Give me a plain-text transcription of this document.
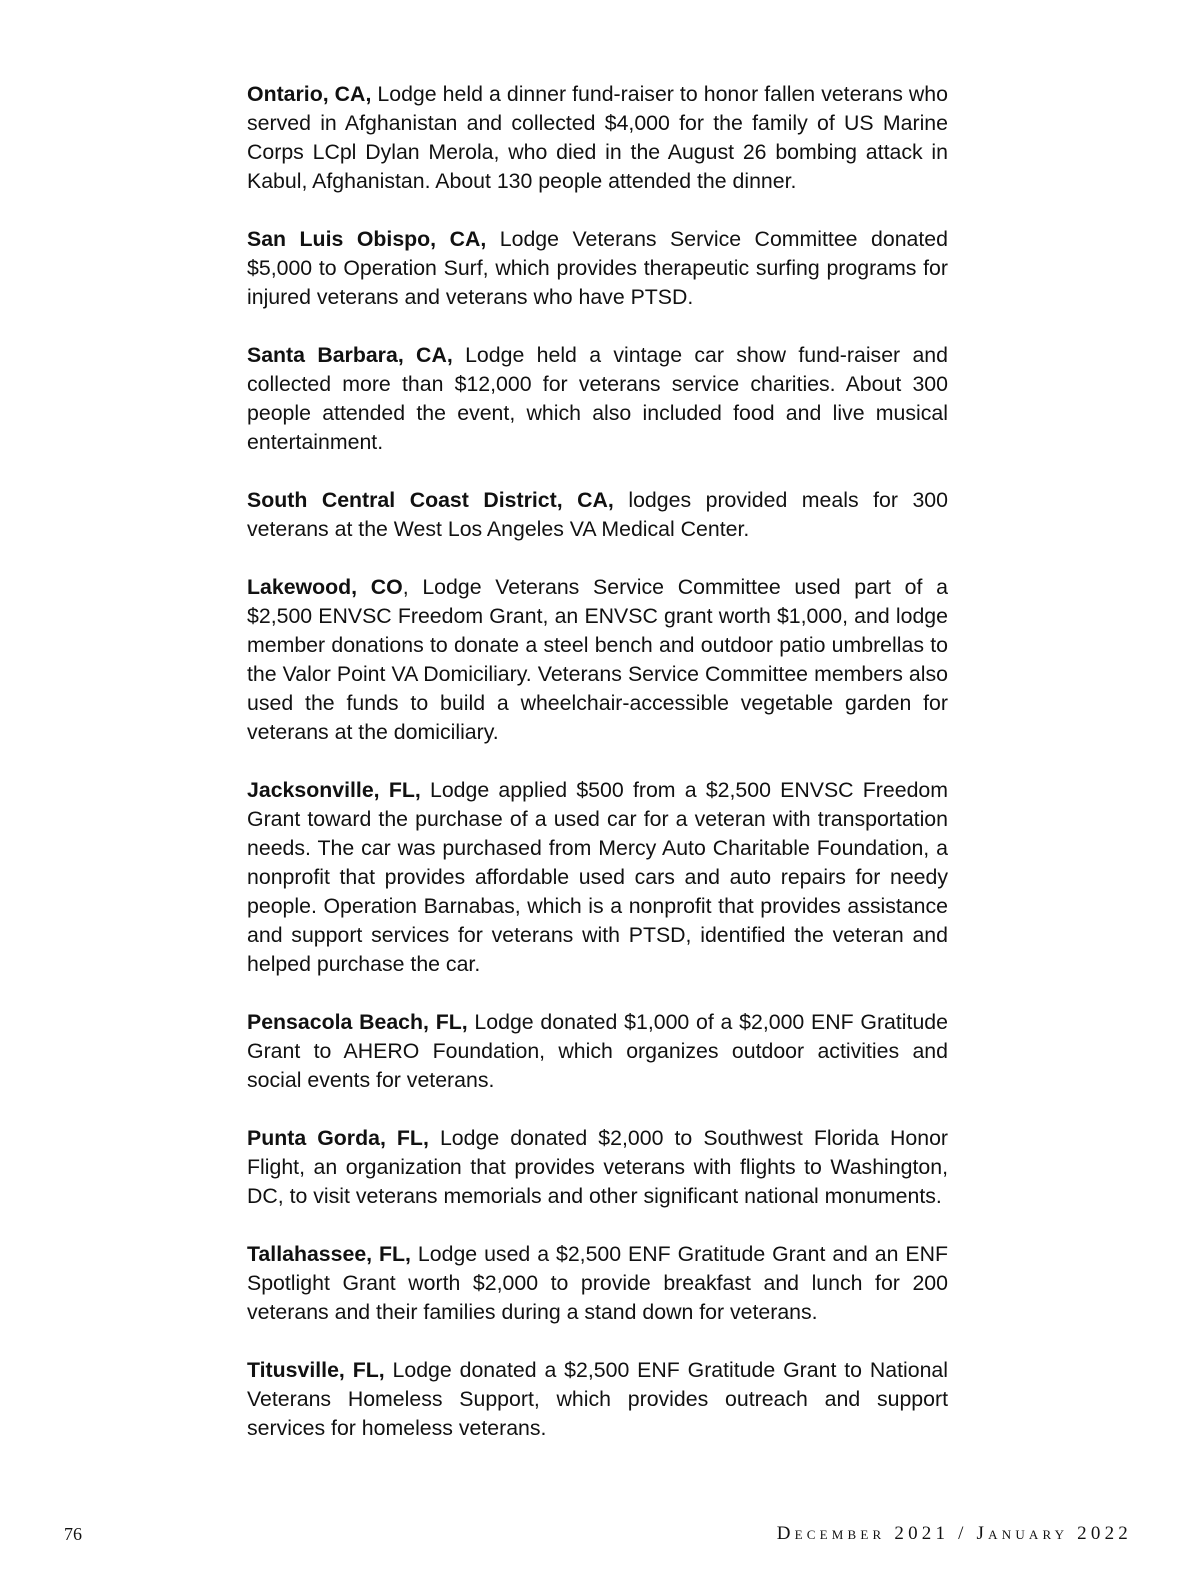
Ontario, CA, Lodge held a dinner fund-raiser to honor fallen veterans who served in Afghanistan and collected $4,000 for the family of US Marine Corps LCpl Dylan Merola, who died in the August 26 bombing attack in Kabul, Afghanistan. About 130 people attended the dinner.

San Luis Obispo, CA, Lodge Veterans Service Committee donated $5,000 to Operation Surf, which provides therapeutic surfing programs for injured veterans and veterans who have PTSD.

Santa Barbara, CA, Lodge held a vintage car show fund-raiser and collected more than $12,000 for veterans service charities. About 300 people attended the event, which also included food and live musical entertainment.

South Central Coast District, CA, lodges provided meals for 300 veterans at the West Los Angeles VA Medical Center.

Lakewood, CO, Lodge Veterans Service Committee used part of a $2,500 ENVSC Freedom Grant, an ENVSC grant worth $1,000, and lodge member donations to donate a steel bench and outdoor patio umbrellas to the Valor Point VA Domiciliary. Veterans Service Committee members also used the funds to build a wheelchair-accessible vegetable garden for veterans at the domiciliary.

Jacksonville, FL, Lodge applied $500 from a $2,500 ENVSC Freedom Grant toward the purchase of a used car for a veteran with transportation needs. The car was purchased from Mercy Auto Charitable Foundation, a nonprofit that provides affordable used cars and auto repairs for needy people. Operation Barnabas, which is a nonprofit that provides assistance and support services for veterans with PTSD, identified the veteran and helped purchase the car.

Pensacola Beach, FL, Lodge donated $1,000 of a $2,000 ENF Gratitude Grant to AHERO Foundation, which organizes outdoor activities and social events for veterans.

Punta Gorda, FL, Lodge donated $2,000 to Southwest Florida Honor Flight, an organization that provides veterans with flights to Washington, DC, to visit veterans memorials and other significant national monuments.

Tallahassee, FL, Lodge used a $2,500 ENF Gratitude Grant and an ENF Spotlight Grant worth $2,000 to provide breakfast and lunch for 200 veterans and their families during a stand down for veterans.

Titusville, FL, Lodge donated a $2,500 ENF Gratitude Grant to National Veterans Homeless Support, which provides outreach and support services for homeless veterans.

76	December 2021 / January 2022
